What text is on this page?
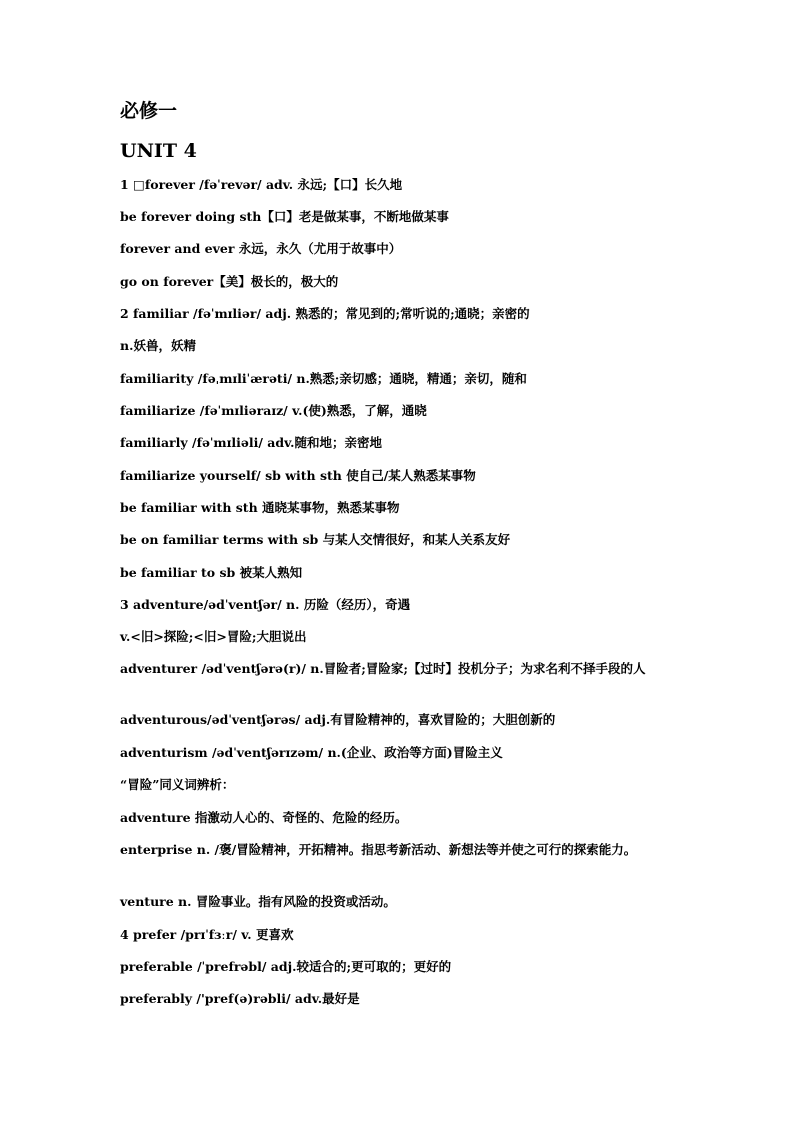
必修一
UNIT 4
1 □forever /fəˈrevər/ adv. 永远;【口】长久地
be forever doing sth【口】老是做某事，不断地做某事
forever and ever 永远，永久（尤用于故事中）
go on forever【美】极长的，极大的
2 familiar /fəˈmɪliər/ adj. 熟悉的；常见到的;常听说的;通晓；亲密的
n.妖兽，妖精
familiarity /fəˌmɪliˈærəti/ n.熟悉;亲切感；通晓，精通；亲切，随和
familiarize /fəˈmɪliəraɪz/ v.(使)熟悉，了解，通晓
familiarly /fəˈmɪliəli/ adv.随和地；亲密地
familiarize yourself/ sb with sth 使自己/某人熟悉某事物
be familiar with sth 通晓某事物，熟悉某事物
be on familiar terms with sb 与某人交情很好，和某人关系友好
be familiar to sb 被某人熟知
3 adventure/ədˈventʃər/ n. 历险（经历），奇遇
v.<旧>探险;<旧>冒险;大胆说出
adventurer /ədˈventʃərə(r)/ n.冒险者;冒险家;【过时】投机分子；为求名利不择手段的人
adventurous/ədˈventʃərəs/ adj.有冒险精神的，喜欢冒险的；大胆创新的
adventurism /ədˈventʃərɪzəm/ n.(企业、政治等方面)冒险主义
“冒险”同义词辨析：
adventure 指激动人心的、奇怪的、危险的经历。
enterprise n. /褒/冒险精神，开拓精神。指思考新活动、新想法等并使之可行的探索能力。
venture n. 冒险事业。指有风险的投资或活动。
4 prefer /prɪˈfɜːr/ v. 更喜欢
preferable /ˈprefrəbl/ adj.较适合的;更可取的；更好的
preferably /'pref(ə)rəbli/ adv.最好是
